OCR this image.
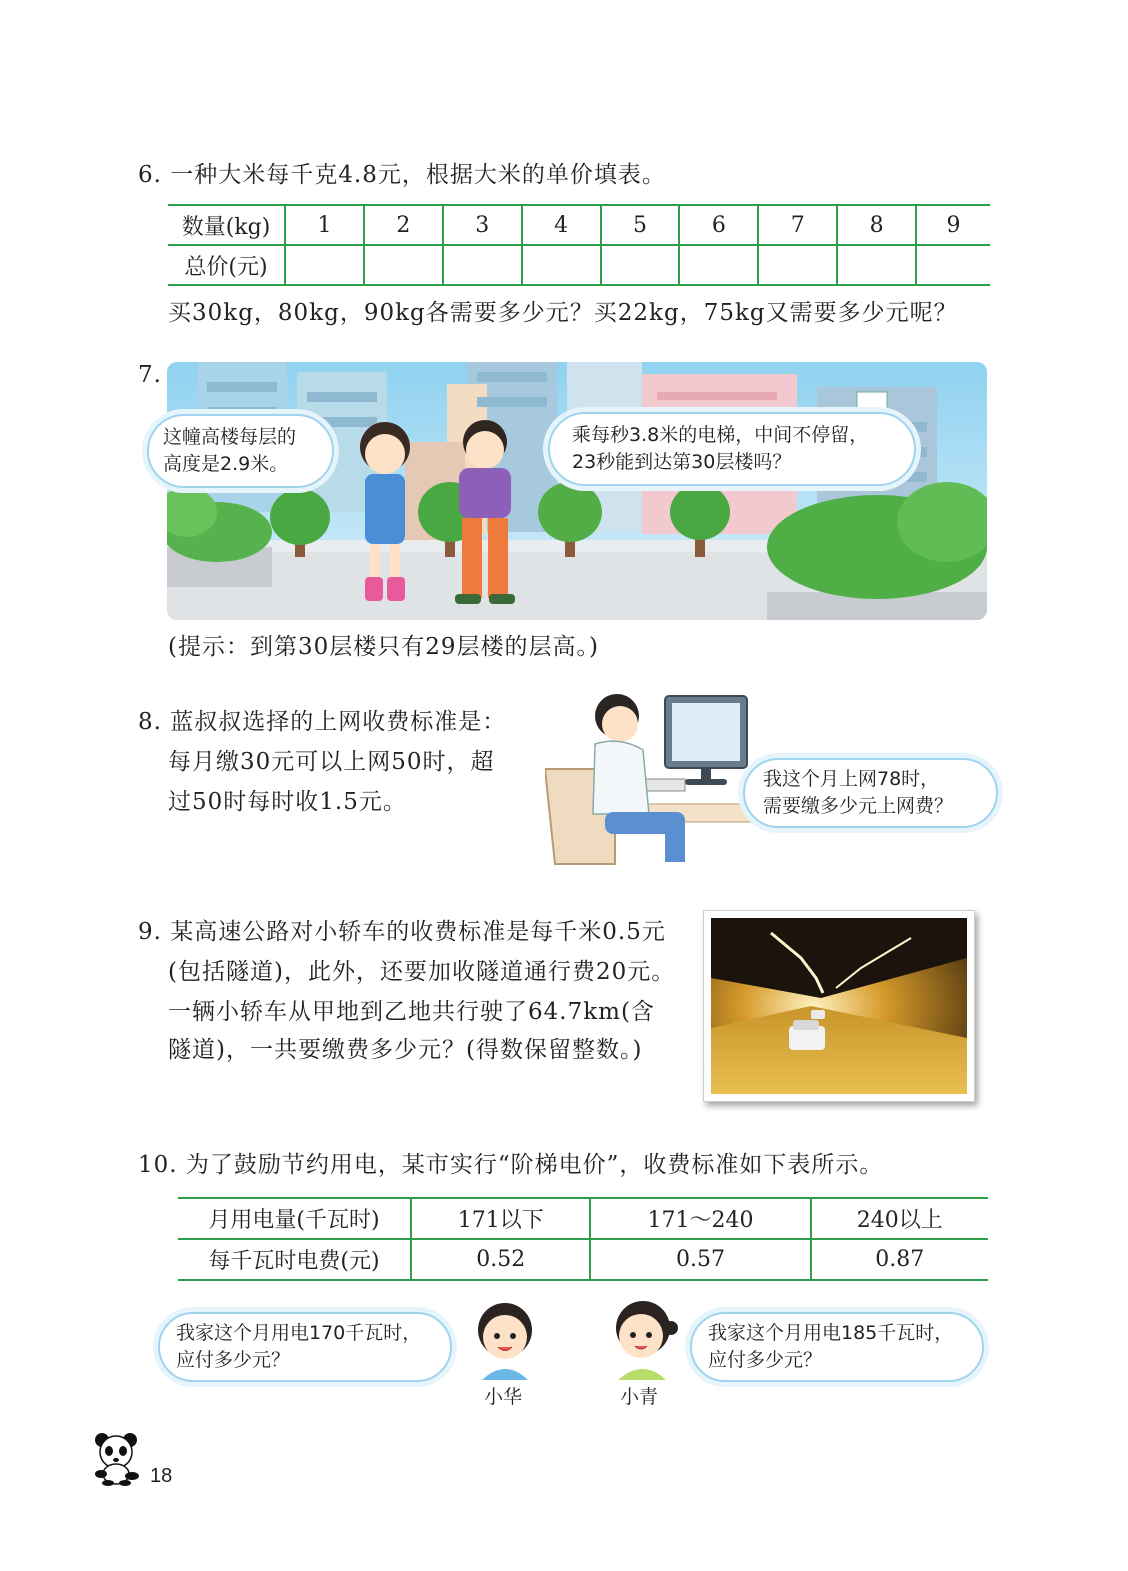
6. 一种大米每千克4.8元，根据大米的单价填表。
数量(kg)	1	2	3	4	5	6	7	8	9
总价(元)									
买30kg，80kg，90kg各需要多少元？买22kg，75kg又需要多少元呢？
7.
这幢高楼每层的
高度是2.9米。
乘每秒3.8米的电梯，中间不停留，
23秒能到达第30层楼吗？
(提示：到第30层楼只有29层楼的层高。)
8. 蓝叔叔选择的上网收费标准是：
每月缴30元可以上网50时，超
过50时每时收1.5元。
我这个月上网78时，
需要缴多少元上网费？
9. 某高速公路对小轿车的收费标准是每千米0.5元
(包括隧道)，此外，还要加收隧道通行费20元。
一辆小轿车从甲地到乙地共行驶了64.7km(含
隧道)，一共要缴费多少元？(得数保留整数。)
10. 为了鼓励节约用电，某市实行“阶梯电价”，收费标准如下表所示。
月用电量(千瓦时)	171以下	171～240	240以上
每千瓦时电费(元)	0.52	0.57	0.87
我家这个月用电170千瓦时，
应付多少元？
小华	小青
我家这个月用电185千瓦时，
应付多少元？
18
